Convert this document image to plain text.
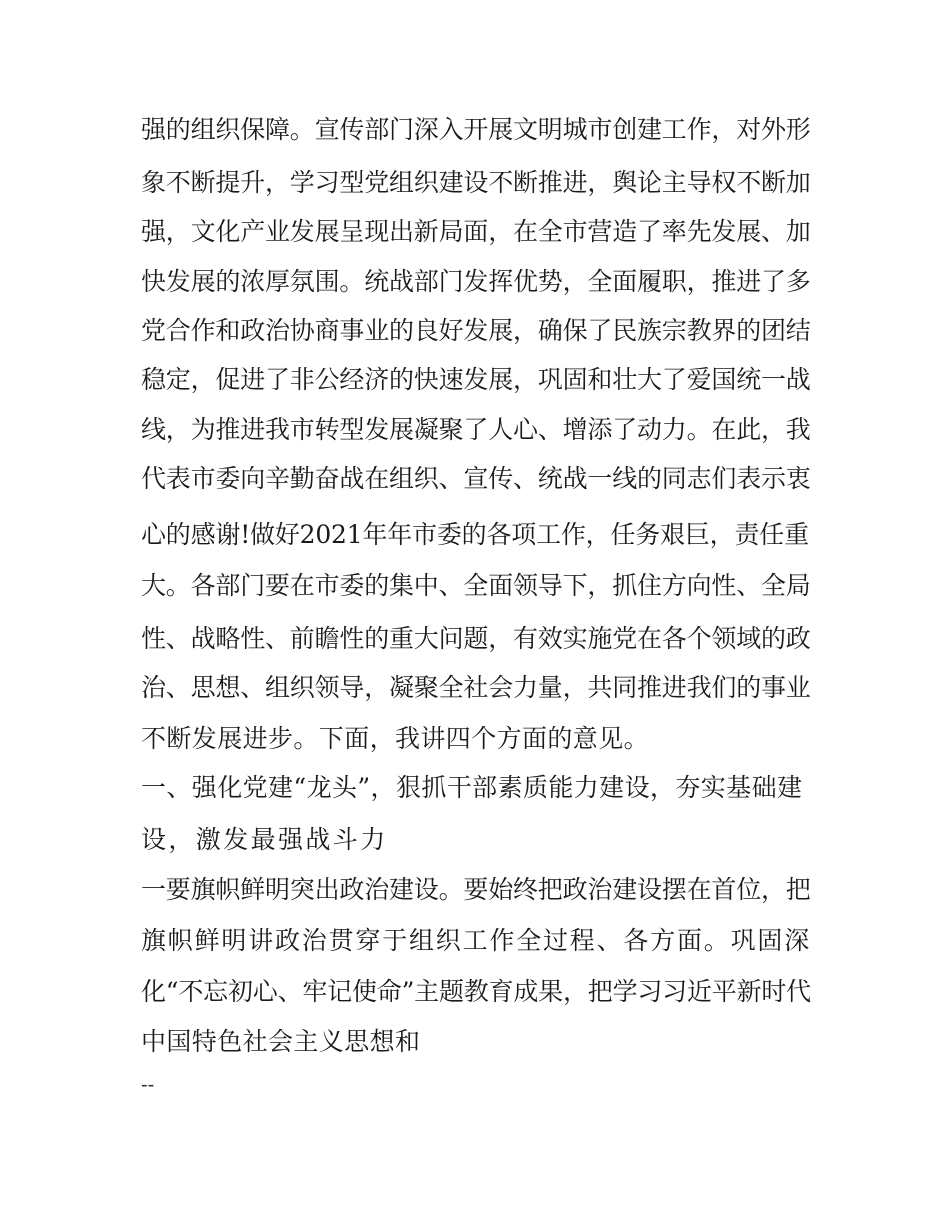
强的组织保障。宣传部门深入开展文明城市创建工作，对外形
象不断提升，学习型党组织建设不断推进，舆论主导权不断加
强，文化产业发展呈现出新局面，在全市营造了率先发展、加
快发展的浓厚氛围。统战部门发挥优势，全面履职，推进了多
党合作和政治协商事业的良好发展，确保了民族宗教界的团结
稳定，促进了非公经济的快速发展，巩固和壮大了爱国统一战
线，为推进我市转型发展凝聚了人心、增添了动力。在此，我
代表市委向辛勤奋战在组织、宣传、统战一线的同志们表示衷
心的感谢!做好2021年年市委的各项工作，任务艰巨，责任重
大。各部门要在市委的集中、全面领导下，抓住方向性、全局
性、战略性、前瞻性的重大问题，有效实施党在各个领域的政
治、思想、组织领导，凝聚全社会力量，共同推进我们的事业
不断发展进步。下面，我讲四个方面的意见。
一、强化党建“龙头”，狠抓干部素质能力建设，夯实基础建
设，激发最强战斗力
一要旗帜鲜明突出政治建设。要始终把政治建设摆在首位，把
旗帜鲜明讲政治贯穿于组织工作全过程、各方面。巩固深
化“不忘初心、牢记使命”主题教育成果，把学习习近平新时代
中国特色社会主义思想和
--
